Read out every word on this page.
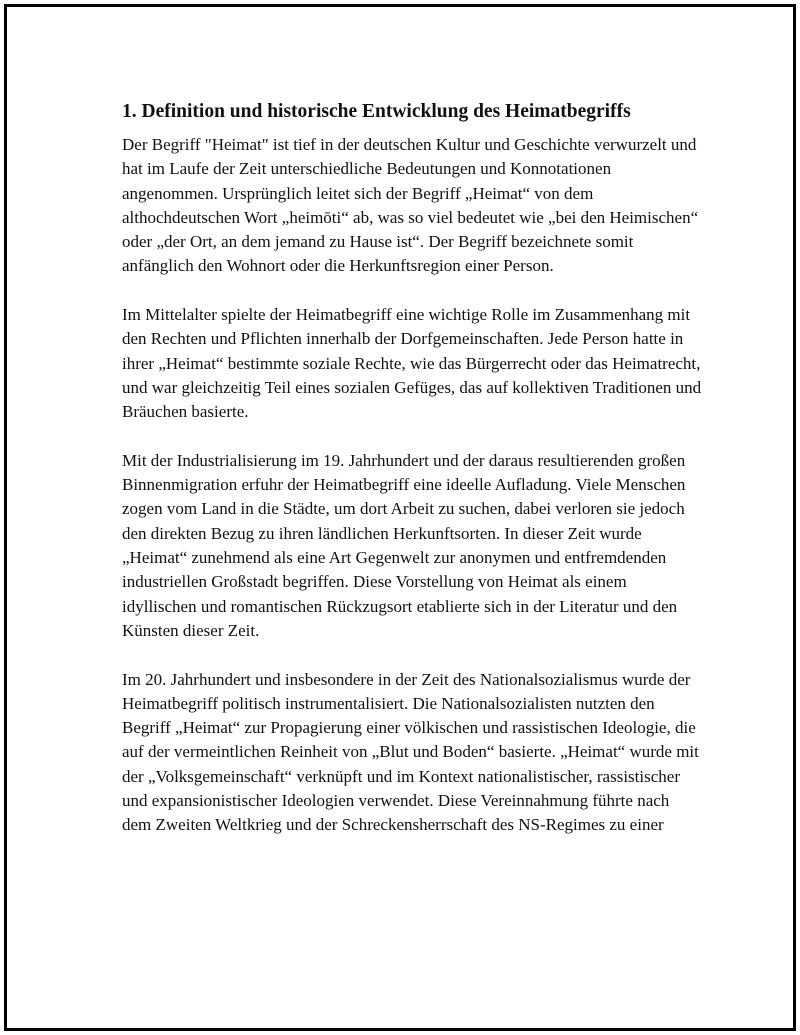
1. Definition und historische Entwicklung des Heimatbegriffs

Der Begriff "Heimat" ist tief in der deutschen Kultur und Geschichte verwurzelt und hat im Laufe der Zeit unterschiedliche Bedeutungen und Konnotationen angenommen. Ursprünglich leitet sich der Begriff „Heimat“ von dem althochdeutschen Wort „heimōti“ ab, was so viel bedeutet wie „bei den Heimischen“ oder „der Ort, an dem jemand zu Hause ist“. Der Begriff bezeichnete somit anfänglich den Wohnort oder die Herkunftsregion einer Person.

Im Mittelalter spielte der Heimatbegriff eine wichtige Rolle im Zusammenhang mit den Rechten und Pflichten innerhalb der Dorfgemeinschaften. Jede Person hatte in ihrer „Heimat“ bestimmte soziale Rechte, wie das Bürgerrecht oder das Heimatrecht, und war gleichzeitig Teil eines sozialen Gefüges, das auf kollektiven Traditionen und Bräuchen basierte.

Mit der Industrialisierung im 19. Jahrhundert und der daraus resultierenden großen Binnenmigration erfuhr der Heimatbegriff eine ideelle Aufladung. Viele Menschen zogen vom Land in die Städte, um dort Arbeit zu suchen, dabei verloren sie jedoch den direkten Bezug zu ihren ländlichen Herkunftsorten. In dieser Zeit wurde „Heimat“ zunehmend als eine Art Gegenwelt zur anonymen und entfremdenden industriellen Großstadt begriffen. Diese Vorstellung von Heimat als einem idyllischen und romantischen Rückzugsort etablierte sich in der Literatur und den Künsten dieser Zeit.

Im 20. Jahrhundert und insbesondere in der Zeit des Nationalsozialismus wurde der Heimatbegriff politisch instrumentalisiert. Die Nationalsozialisten nutzten den Begriff „Heimat“ zur Propagierung einer völkischen und rassistischen Ideologie, die auf der vermeintlichen Reinheit von „Blut und Boden“ basierte. „Heimat“ wurde mit der „Volksgemeinschaft“ verknüpft und im Kontext nationalistischer, rassistischer und expansionistischer Ideologien verwendet. Diese Vereinnahmung führte nach dem Zweiten Weltkrieg und der Schreckensherrschaft des NS-Regimes zu einer
